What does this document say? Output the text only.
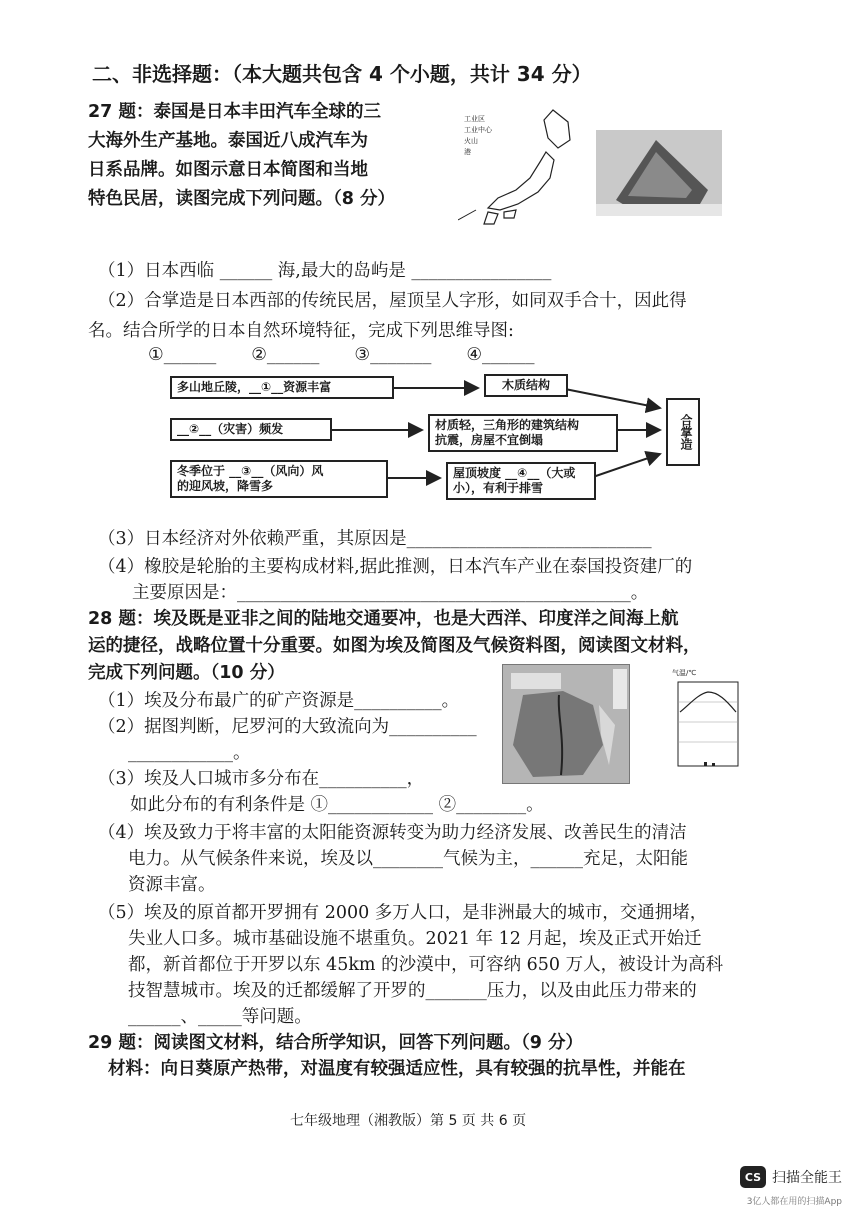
二、非选择题：（本大题共包含 4 个小题，共计 34 分）
27 题：泰国是日本丰田汽车全球的三
大海外生产基地。泰国近八成汽车为
日系品牌。如图示意日本简图和当地
特色民居，读图完成下列问题。（8 分）
工业区
工业中心
火山
港
（1）日本西临 ______ 海,最大的岛屿是 ________________
（2）合掌造是日本西部的传统民居，屋顶呈人字形，如同双手合十，因此得
名。结合所学的日本自然环境特征，完成下列思维导图:
①______　　②______　　③_______　　④______
多山地丘陵，__①__资源丰富
__②__（灾害）频发
冬季位于 __③__（风向）风
的迎风坡，降雪多
木质结构
材质轻，三角形的建筑结构
抗震，房屋不宜倒塌
屋顶坡度 __④__（大或
小），有利于排雪
合掌造
（3）日本经济对外依赖严重，其原因是____________________________
（4）橡胶是轮胎的主要构成材料,据此推测，日本汽车产业在泰国投资建厂的
主要原因是：_____________________________________________。
28 题：埃及既是亚非之间的陆地交通要冲，也是大西洋、印度洋之间海上航
运的捷径，战略位置十分重要。如图为埃及简图及气候资料图，阅读图文材料，
完成下列问题。（10 分）	气温/℃
（1）埃及分布最广的矿产资源是__________。
（2）据图判断，尼罗河的大致流向为__________
____________。
（3）埃及人口城市多分布在__________，
如此分布的有利条件是 ①____________ ②________。
（4）埃及致力于将丰富的太阳能资源转变为助力经济发展、改善民生的清洁
电力。从气候条件来说，埃及以________气候为主，______充足，太阳能
资源丰富。
（5）埃及的原首都开罗拥有 2000 多万人口，是非洲最大的城市，交通拥堵，
失业人口多。城市基础设施不堪重负。2021 年 12 月起，埃及正式开始迁
都，新首都位于开罗以东 45km 的沙漠中，可容纳 650 万人，被设计为高科
技智慧城市。埃及的迁都缓解了开罗的_______压力，以及由此压力带来的
______、_____等问题。
29 题：阅读图文材料，结合所学知识，回答下列问题。（9 分）
材料：向日葵原产热带，对温度有较强适应性，具有较强的抗旱性，并能在
七年级地理（湘教版）第 5 页 共 6 页
CS 扫描全能王
3亿人都在用的扫描App
